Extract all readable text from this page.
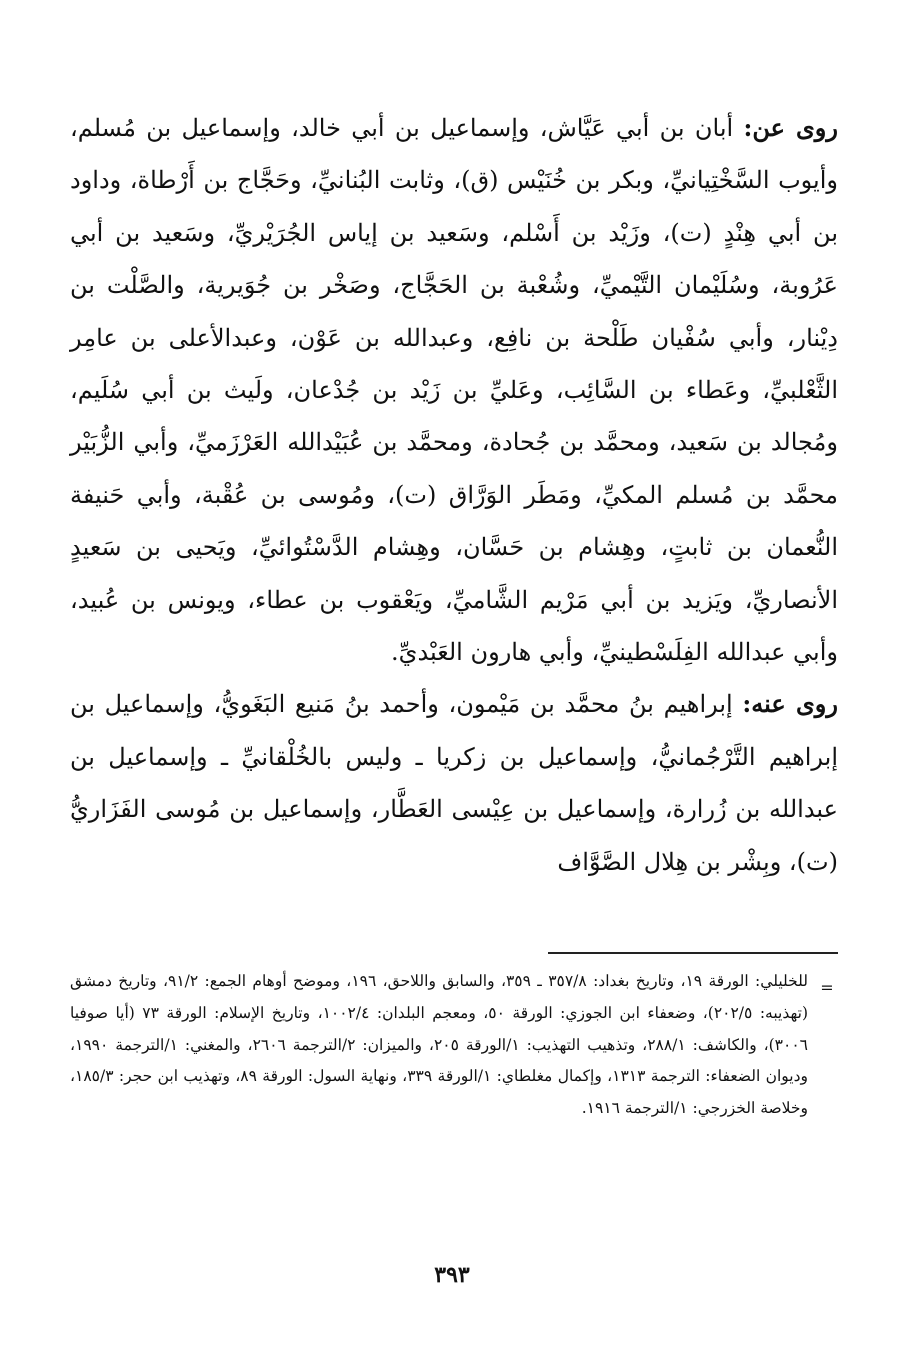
روى عن: أبان بن أبي عَيَّاش، وإسماعيل بن أبي خالد، وإسماعيل بن مُسلم، وأيوب السَّخْتِيانيِّ، وبكر بن خُنَيْس (ق)، وثابت البُنانيِّ، وحَجَّاج بن أَرْطاة، وداود بن أبي هِنْدٍ (ت)، وزَيْد بن أَسْلم، وسَعيد بن إياس الجُرَيْريِّ، وسَعيد بن أبي عَرُوبة، وسُلَيْمان التَّيْميِّ، وشُعْبة بن الحَجَّاج، وصَخْر بن جُوَيرية، والصَّلْت بن دِيْنار، وأبي سُفْيان طَلْحة بن نافِع، وعبدالله بن عَوْن، وعبدالأعلى بن عامِر الثَّعْلبيِّ، وعَطاء بن السَّائِب، وعَليِّ بن زَيْد بن جُدْعان، ولَيث بن أبي سُلَيم، ومُجالد بن سَعيد، ومحمَّد بن جُحادة، ومحمَّد بن عُبَيْدالله العَرْزَميِّ، وأبي الزُّبَيْر محمَّد بن مُسلم المكيِّ، ومَطَر الوَرَّاق (ت)، ومُوسى بن عُقْبة، وأبي حَنيفة النُّعمان بن ثابتٍ، وهِشام بن حَسَّان، وهِشام الدَّسْتُوائيِّ، ويَحيى بن سَعيدٍ الأنصاريِّ، ويَزيد بن أبي مَرْيم الشَّاميِّ، ويَعْقوب بن عطاء، ويونس بن عُبيد، وأبي عبدالله الفِلَسْطينيِّ، وأبي هارون العَبْديِّ.

روى عنه: إبراهيم بنُ محمَّد بن مَيْمون، وأحمد بنُ مَنيع البَغَويُّ، وإسماعيل بن إبراهيم التَّرْجُمانيُّ، وإسماعيل بن زكريا ـ وليس بالخُلْقانيِّ ـ وإسماعيل بن عبدالله بن زُرارة، وإسماعيل بن عِيْسى العَطَّار، وإسماعيل بن مُوسى الفَزَاريُّ (ت)، وبِشْر بن هِلال الصَّوَّاف

=

للخليلي: الورقة ١٩، وتاريخ بغداد: ٣٥٧/٨ ـ ٣٥٩، والسابق واللاحق، ١٩٦، وموضح أوهام الجمع: ٩١/٢، وتاريخ دمشق (تهذيبه: ٢٠٢/٥)، وضعفاء ابن الجوزي: الورقة ٥٠، ومعجم البلدان: ١٠٠٢/٤، وتاريخ الإسلام: الورقة ٧٣ (أيا صوفيا ٣٠٠٦)، والكاشف: ٢٨٨/١، وتذهيب التهذيب: ١/الورقة ٢٠٥، والميزان: ٢/الترجمة ٢٦٠٦، والمغني: ١/الترجمة ١٩٩٠، وديوان الضعفاء: الترجمة ١٣١٣، وإكمال مغلطاي: ١/الورقة ٣٣٩، ونهاية السول: الورقة ٨٩، وتهذيب ابن حجر: ١٨٥/٣، وخلاصة الخزرجي: ١/الترجمة ١٩١٦.

٣٩٣
